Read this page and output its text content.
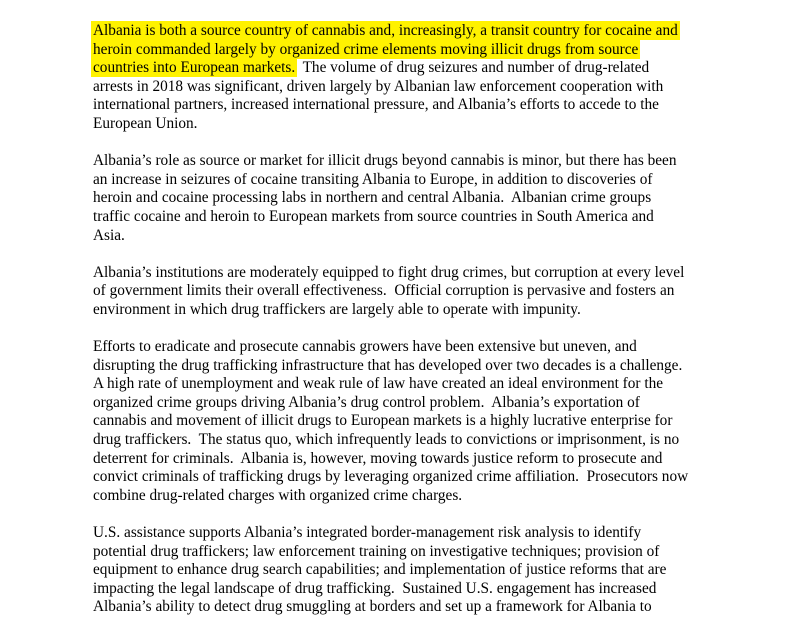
Albania is both a source country of cannabis and, increasingly, a transit country for cocaine and
heroin commanded largely by organized crime elements moving illicit drugs from source
countries into European markets.  The volume of drug seizures and number of drug-related
arrests in 2018 was significant, driven largely by Albanian law enforcement cooperation with
international partners, increased international pressure, and Albania’s efforts to accede to the
European Union.
Albania’s role as source or market for illicit drugs beyond cannabis is minor, but there has been
an increase in seizures of cocaine transiting Albania to Europe, in addition to discoveries of
heroin and cocaine processing labs in northern and central Albania.  Albanian crime groups
traffic cocaine and heroin to European markets from source countries in South America and
Asia.
Albania’s institutions are moderately equipped to fight drug crimes, but corruption at every level
of government limits their overall effectiveness.  Official corruption is pervasive and fosters an
environment in which drug traffickers are largely able to operate with impunity.
Efforts to eradicate and prosecute cannabis growers have been extensive but uneven, and
disrupting the drug trafficking infrastructure that has developed over two decades is a challenge.
A high rate of unemployment and weak rule of law have created an ideal environment for the
organized crime groups driving Albania’s drug control problem.  Albania’s exportation of
cannabis and movement of illicit drugs to European markets is a highly lucrative enterprise for
drug traffickers.  The status quo, which infrequently leads to convictions or imprisonment, is no
deterrent for criminals.  Albania is, however, moving towards justice reform to prosecute and
convict criminals of trafficking drugs by leveraging organized crime affiliation.  Prosecutors now
combine drug-related charges with organized crime charges.
U.S. assistance supports Albania’s integrated border-management risk analysis to identify
potential drug traffickers; law enforcement training on investigative techniques; provision of
equipment to enhance drug search capabilities; and implementation of justice reforms that are
impacting the legal landscape of drug trafficking.  Sustained U.S. engagement has increased
Albania’s ability to detect drug smuggling at borders and set up a framework for Albania to
